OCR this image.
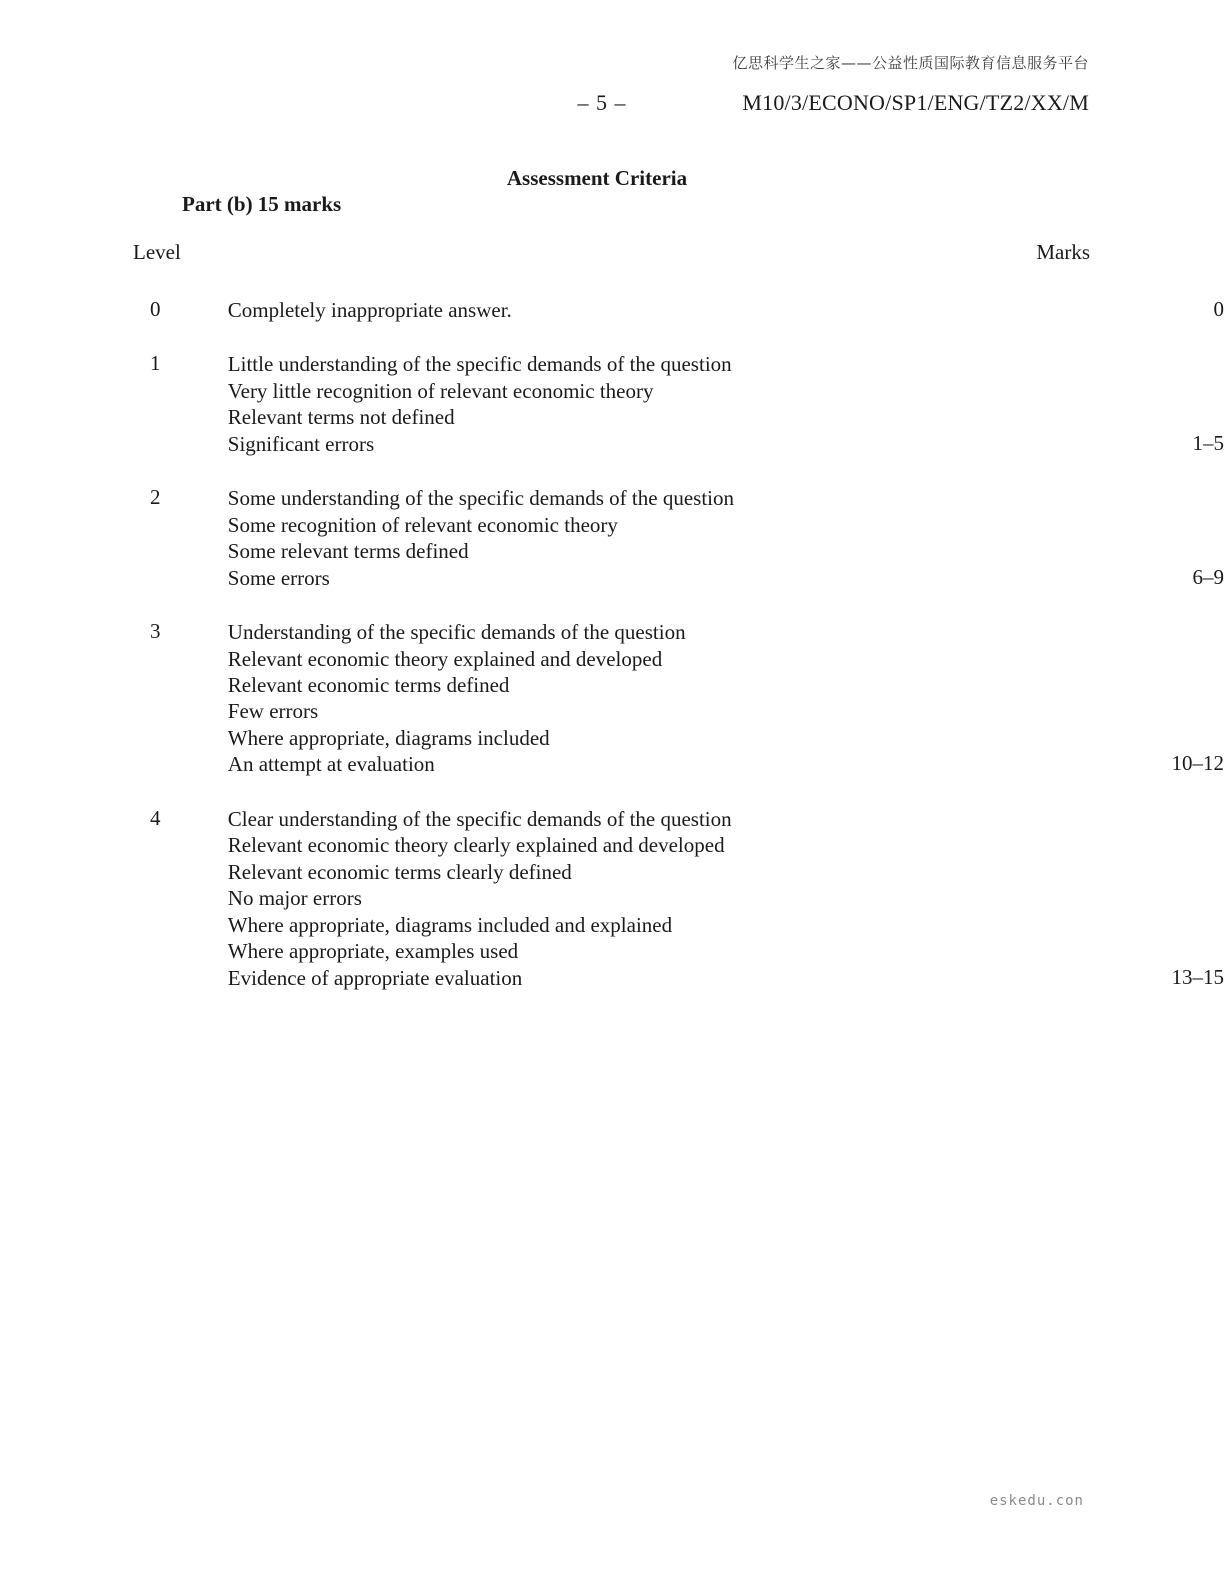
亿思科学生之家——公益性质国际教育信息服务平台
– 5 –	M10/3/ECONO/SP1/ENG/TZ2/XX/M
Assessment Criteria
Part (b) 15 marks
Level		Marks
0	Completely inappropriate answer.	0

1	Little understanding of the specific demands of the question
Very little recognition of relevant economic theory
Relevant terms not defined
Significant errors	1–5

2	Some understanding of the specific demands of the question
Some recognition of relevant economic theory
Some relevant terms defined
Some errors	6–9

3	Understanding of the specific demands of the question
Relevant economic theory explained and developed
Relevant economic terms defined
Few errors
Where appropriate, diagrams included
An attempt at evaluation	10–12

4	Clear understanding of the specific demands of the question
Relevant economic theory clearly explained and developed
Relevant economic terms clearly defined
No major errors
Where appropriate, diagrams included and explained
Where appropriate, examples used
Evidence of appropriate evaluation	13–15
eskedu.con
